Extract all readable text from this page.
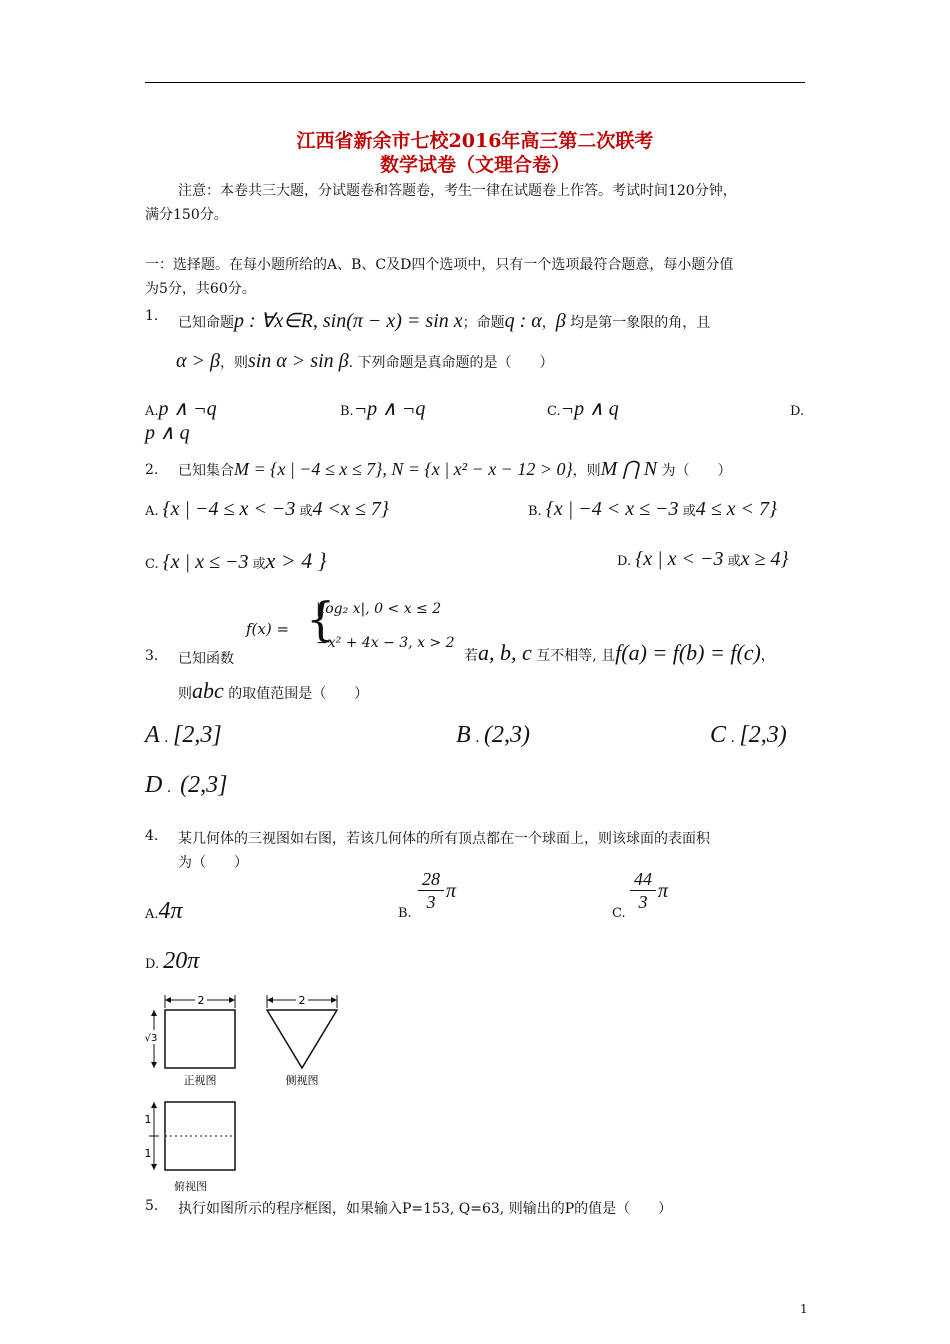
江西省新余市七校2016年高三第二次联考
数学试卷（文理合卷）
注意：本卷共三大题，分试题卷和答题卷，考生一律在试题卷上作答。考试时间120分钟，
满分150分。
一：选择题。在每小题所给的A、B、C及D四个选项中，只有一个选项最符合题意，每小题分值
为5分，共60分。
1. 已知命题p : ∀x∈R, sin(π − x) = sin x；命题q : α，β 均是第一象限的角，且
α > β，则sin α > sin β. 下列命题是真命题的是（　　）
A.p ∧ ¬q	B.¬p ∧ ¬q	C.¬p ∧ q	D.
p ∧ q
2. 已知集合M = {x | −4 ≤ x ≤ 7}, N = {x | x² − x − 12 > 0}，则M ⋂ N 为（　　）
A. {x | −4 ≤ x < −3 或4 <x ≤ 7}	B. {x | −4 < x ≤ −3 或4 ≤ x < 7}
C. {x | x ≤ −3 或x > 4 }	D. {x | x < −3 或x ≥ 4}
3. 已知函数
f(x) = {
|log₂ x|, 0 < x ≤ 2
−x² + 4x − 3, x > 2
若a, b, c 互不相等, 且f(a) = f(b) = f(c)，
则abc 的取值范围是（　　）
A . [2,3]	B . (2,3)	C . [2,3)
D . (2,3]
4. 某几何体的三视图如右图，若该几何体的所有顶点都在一个球面上，则该球面的表面积
为（　　）
A.4π	B.
$\frac{28}{3}$ π
C.
$\frac{44}{3}$ π
D. 20π
2
√3
正视图
2
侧视图
1
1
俯视图
5. 执行如图所示的程序框图，如果输入P=153, Q=63, 则输出的P的值是（　　）
1
